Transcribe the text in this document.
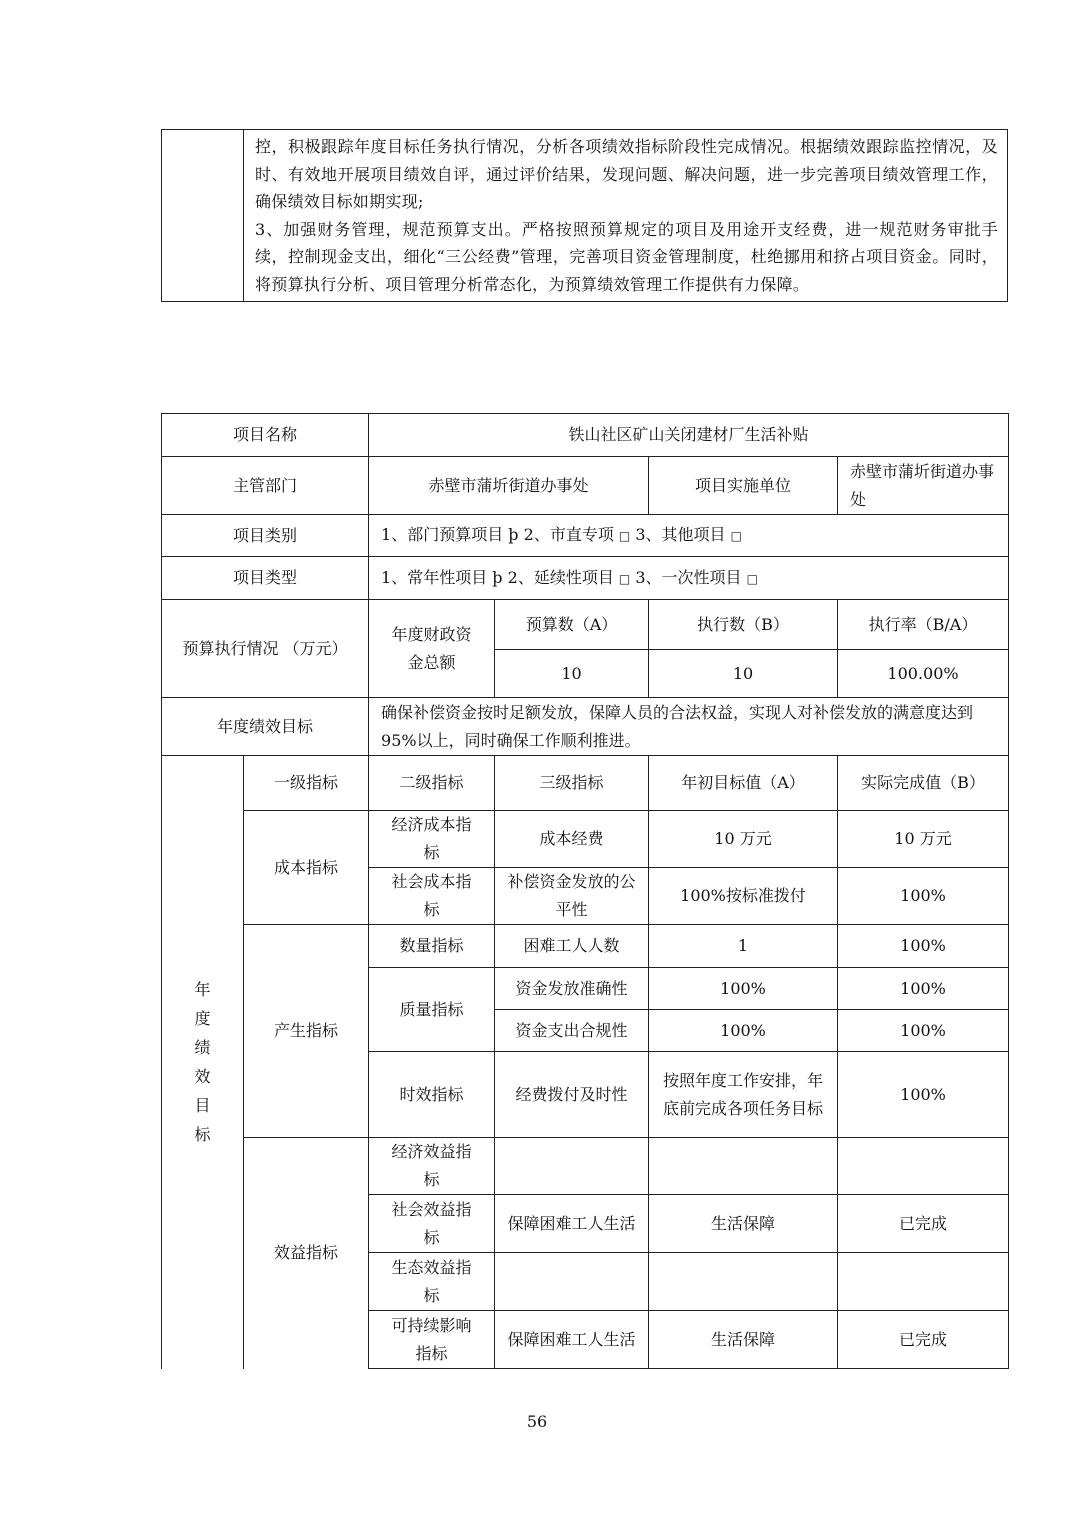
控，积极跟踪年度目标任务执行情况，分析各项绩效指标阶段性完成情况。根据绩效跟踪监控情况，及时、有效地开展项目绩效自评，通过评价结果，发现问题、解决问题，进一步完善项目绩效管理工作，确保绩效目标如期实现;
3、加强财务管理，规范预算支出。严格按照预算规定的项目及用途开支经费，进一规范财务审批手续，控制现金支出，细化“三公经费”管理，完善项目资金管理制度，杜绝挪用和挤占项目资金。同时，将预算执行分析、项目管理分析常态化，为预算绩效管理工作提供有力保障。
项目名称		铁山社区矿山关闭建材厂生活补贴			
主管部门		赤壁市蒲圻街道办事处		项目实施单位	赤壁市蒲圻街道办事处
项目类别		1、部门预算项目 þ 2、市直专项 □ 3、其他项目 □			
项目类型		1、常年性项目 þ 2、延续性项目 □ 3、一次性项目 □			
预算执行情况 （万元）		年度财政资金总额	预算数（A）	执行数（B）	执行率（B/A）
			10	10	100.00%
年度绩效目标		确保补偿资金按时足额发放，保障人员的合法权益，实现人对补偿发放的满意度达到95%以上，同时确保工作顺利推进。			
年度绩效目标	一级指标	二级指标	三级指标	年初目标值（A）	实际完成值（B）
	成本指标	经济成本指标	成本经费	10 万元	10 万元
		社会成本指标	补偿资金发放的公平性	100%按标准拨付	100%
	产生指标	数量指标	困难工人人数	1	100%
		质量指标	资金发放准确性	100%	100%
			资金支出合规性	100%	100%
		时效指标	经费拨付及时性	按照年度工作安排，年底前完成各项任务目标	100%
	效益指标	经济效益指标			
		社会效益指标	保障困难工人生活	生活保障	已完成
		生态效益指标			
		可持续影响指标	保障困难工人生活	生活保障	已完成
56
